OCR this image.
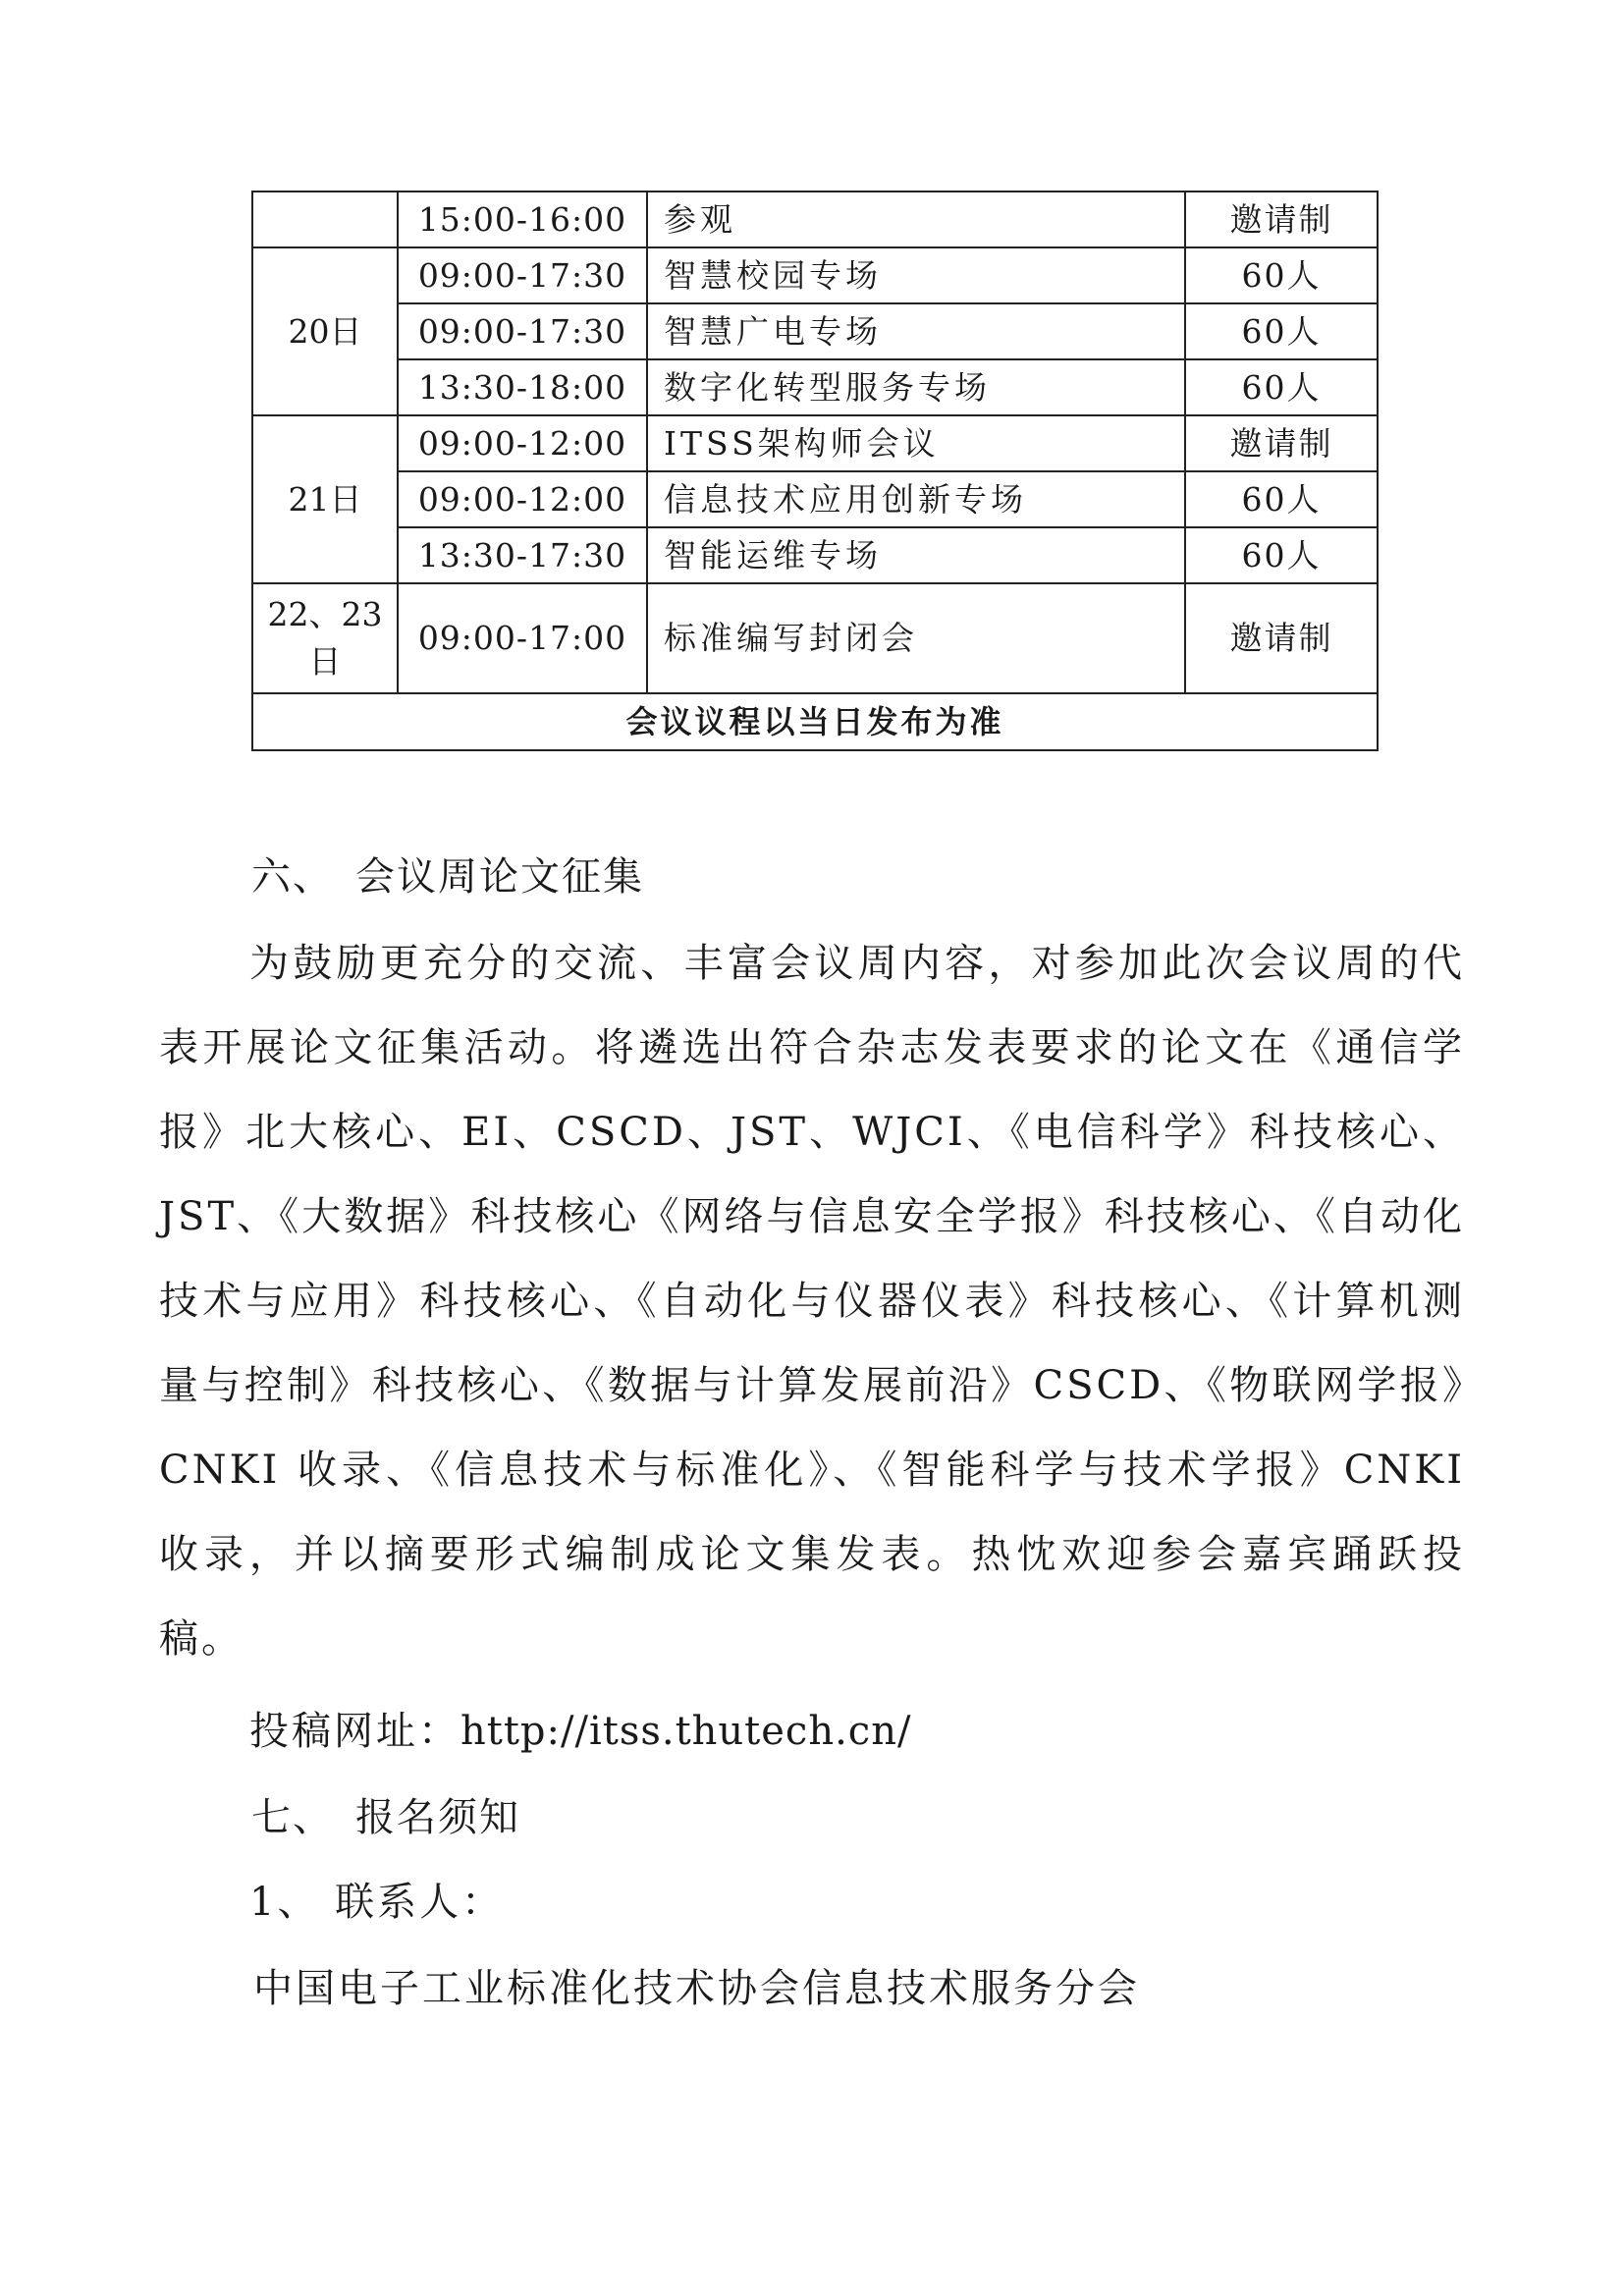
	15:00-16:00	参观	邀请制
20日	09:00-17:30	智慧校园专场	60人
	09:00-17:30	智慧广电专场	60人
	13:30-18:00	数字化转型服务专场	60人
21日	09:00-12:00	ITSS架构师会议	邀请制
	09:00-12:00	信息技术应用创新专场	60人
	13:30-17:30	智能运维专场	60人
22、23日	09:00-17:00	标准编写封闭会	邀请制
会议议程以当日发布为准			
六、 会议周论文征集

为鼓励更充分的交流、丰富会议周内容，对参加此次会议周的代表开展论文征集活动。将遴选出符合杂志发表要求的论文在《通信学报》北大核心、EI、CSCD、JST、WJCI、《电信科学》科技核心、JST、《大数据》科技核心《网络与信息安全学报》科技核心、《自动化技术与应用》科技核心、《自动化与仪器仪表》科技核心、《计算机测量与控制》科技核心、《数据与计算发展前沿》CSCD、《物联网学报》CNKI 收录、《信息技术与标准化》、《智能科学与技术学报》CNKI 收录，并以摘要形式编制成论文集发表。热忱欢迎参会嘉宾踊跃投稿。

投稿网址：http://itss.thutech.cn/
七、 报名须知
1、 联系人：
中国电子工业标准化技术协会信息技术服务分会
